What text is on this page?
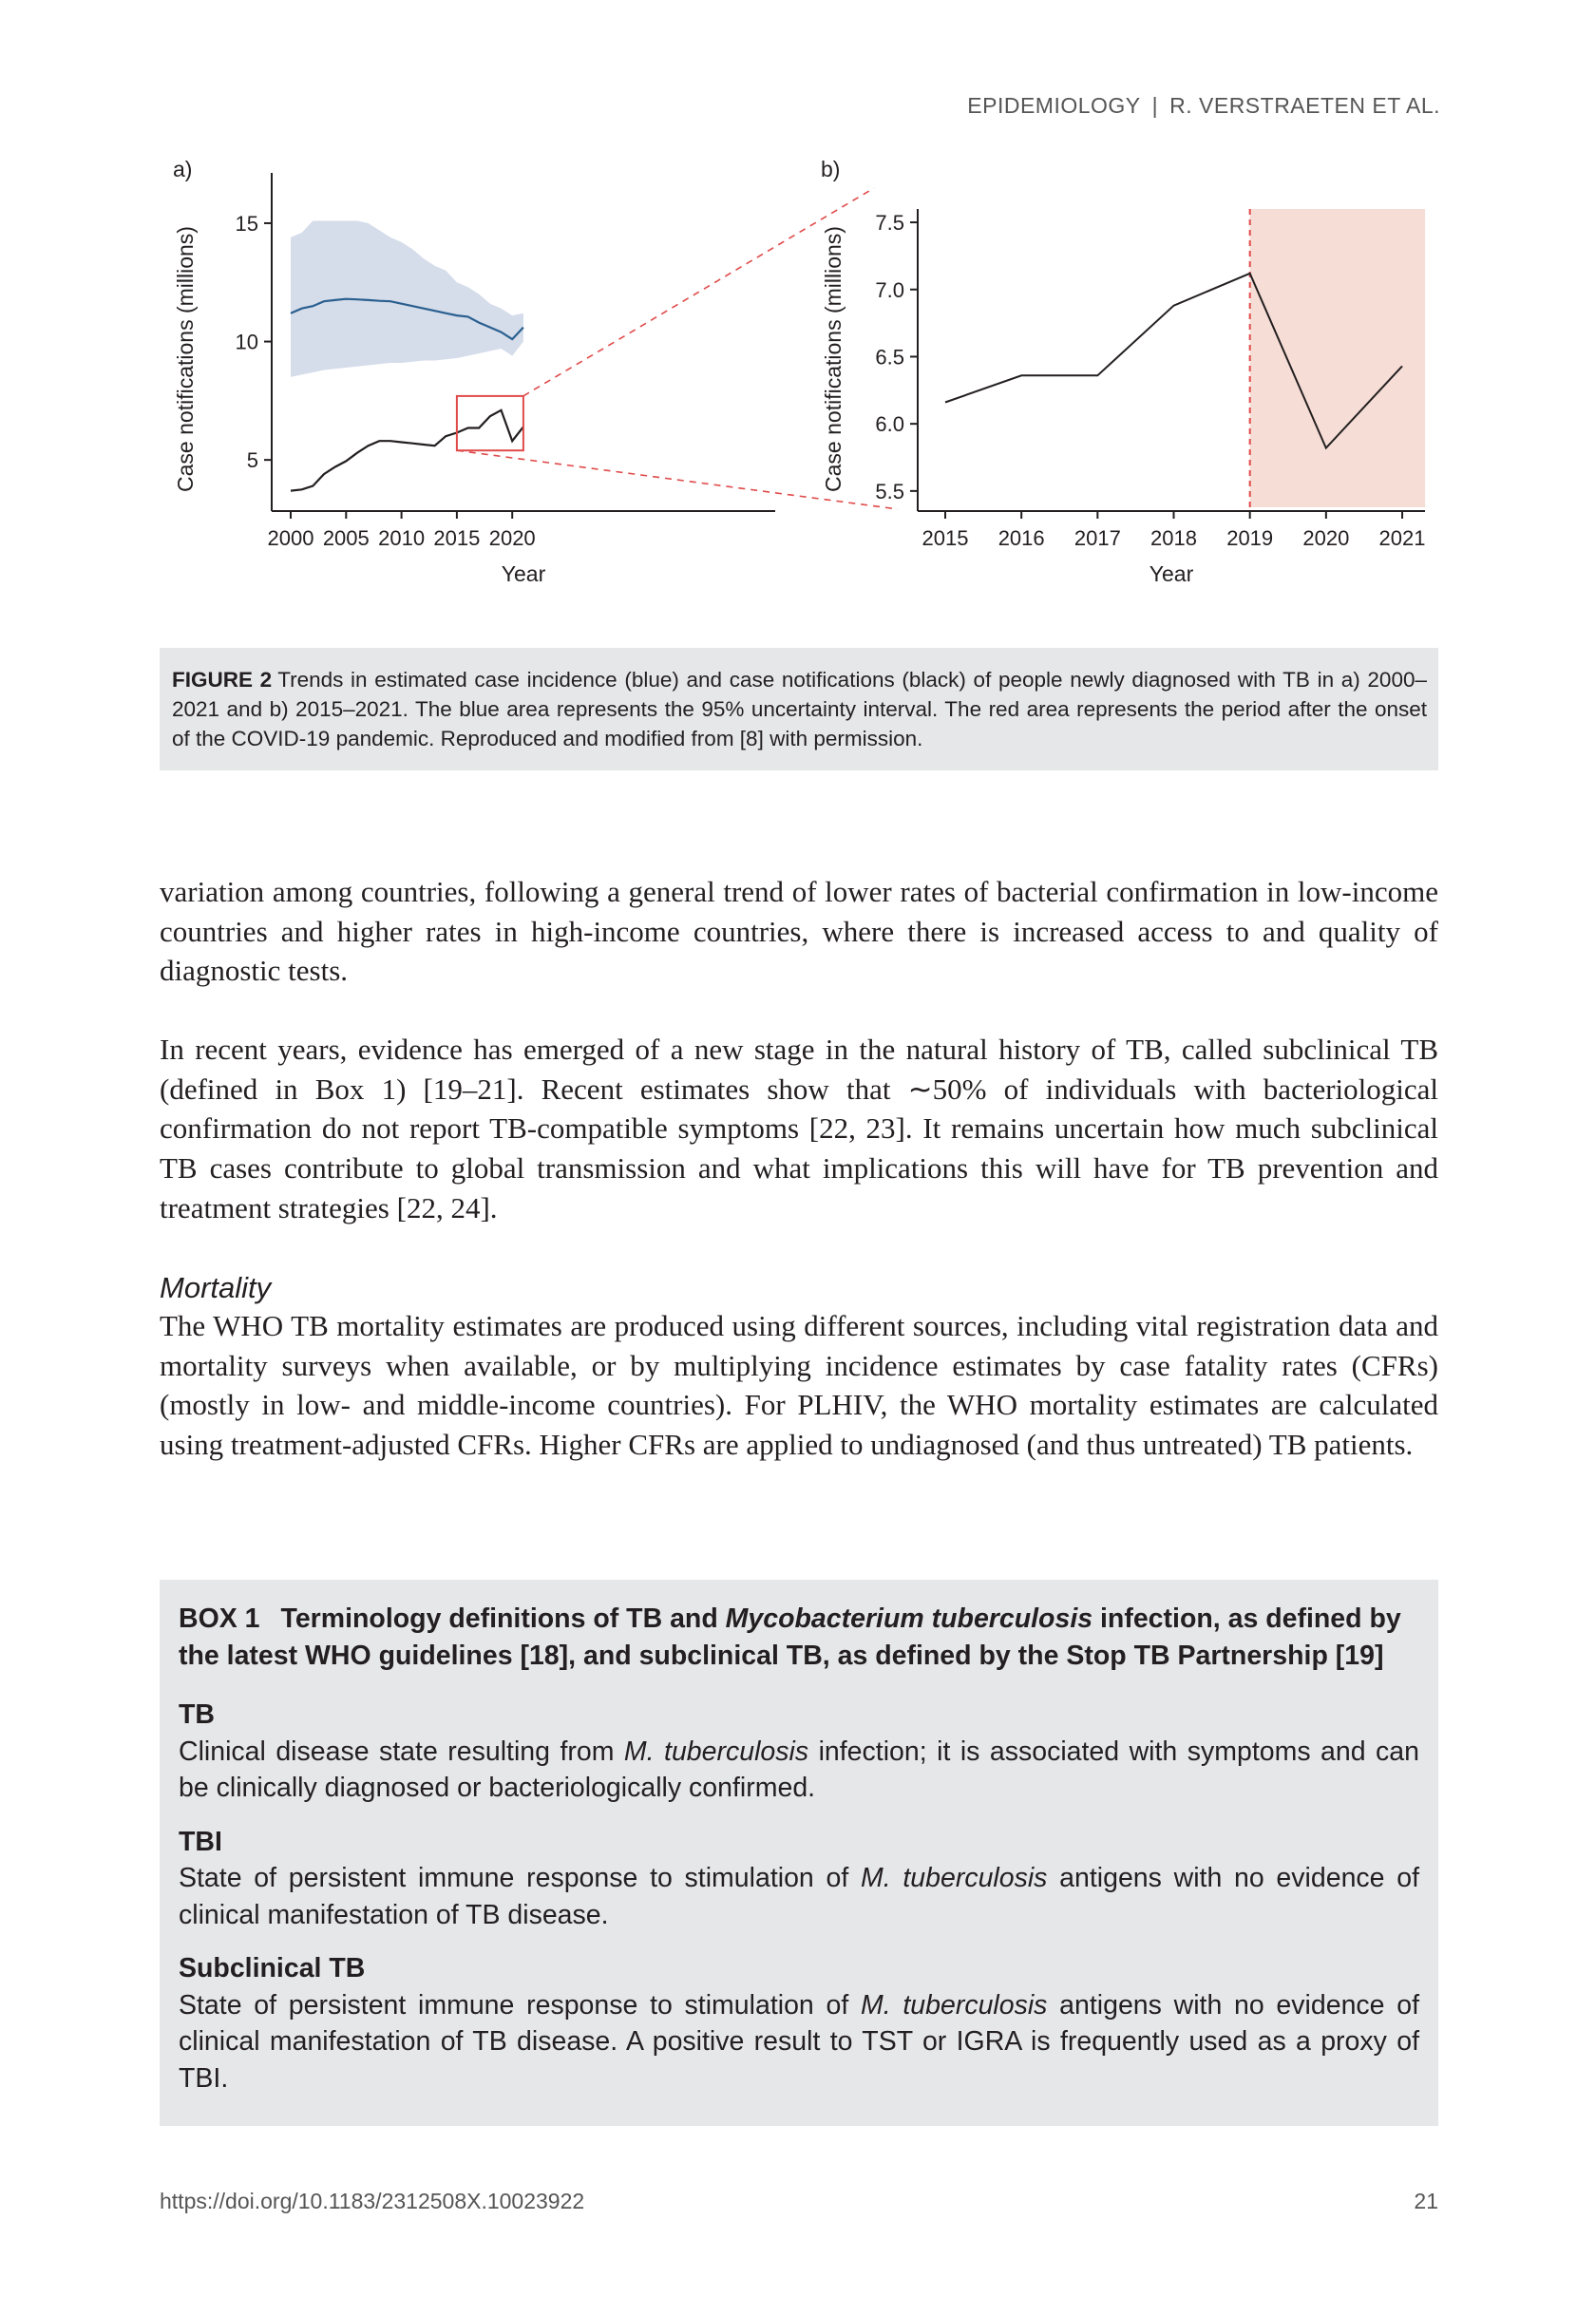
EPIDEMIOLOGY | R. VERSTRAETEN ET AL.
a)
5
10
15
2000 2005 2010 2015 2020
Case notifications (millions)
Year
b)
5.5
6.0
6.5
7.0
7.5
2015 2016 2017 2018 2019 2020 2021
Case notifications (millions)
Year
FIGURE 2 Trends in estimated case incidence (blue) and case notifications (black) of people newly diagnosed with TB in a) 2000–2021 and b) 2015–2021. The blue area represents the 95% uncertainty interval. The red area represents the period after the onset of the COVID-19 pandemic. Reproduced and modified from [8] with permission.

variation among countries, following a general trend of lower rates of bacterial confirmation in low-income countries and higher rates in high-income countries, where there is increased access to and quality of diagnostic tests.

In recent years, evidence has emerged of a new stage in the natural history of TB, called subclinical TB (defined in Box 1) [19–21]. Recent estimates show that ∼50% of individuals with bacteriological confirmation do not report TB-compatible symptoms [22, 23]. It remains uncertain how much subclinical TB cases contribute to global transmission and what implications this will have for TB prevention and treatment strategies [22, 24].

Mortality

The WHO TB mortality estimates are produced using different sources, including vital registration data and mortality surveys when available, or by multiplying incidence estimates by case fatality rates (CFRs) (mostly in low- and middle-income countries). For PLHIV, the WHO mortality estimates are calculated using treatment-adjusted CFRs. Higher CFRs are applied to undiagnosed (and thus untreated) TB patients.

BOX 1 Terminology definitions of TB and Mycobacterium tuberculosis infection, as defined by the latest WHO guidelines [18], and subclinical TB, as defined by the Stop TB Partnership [19]
TB
Clinical disease state resulting from M. tuberculosis infection; it is associated with symptoms and can be clinically diagnosed or bacteriologically confirmed.
TBI
State of persistent immune response to stimulation of M. tuberculosis antigens with no evidence of clinical manifestation of TB disease.
Subclinical TB
State of persistent immune response to stimulation of M. tuberculosis antigens with no evidence of clinical manifestation of TB disease. A positive result to TST or IGRA is frequently used as a proxy of TBI.
https://doi.org/10.1183/2312508X.10023922	21
